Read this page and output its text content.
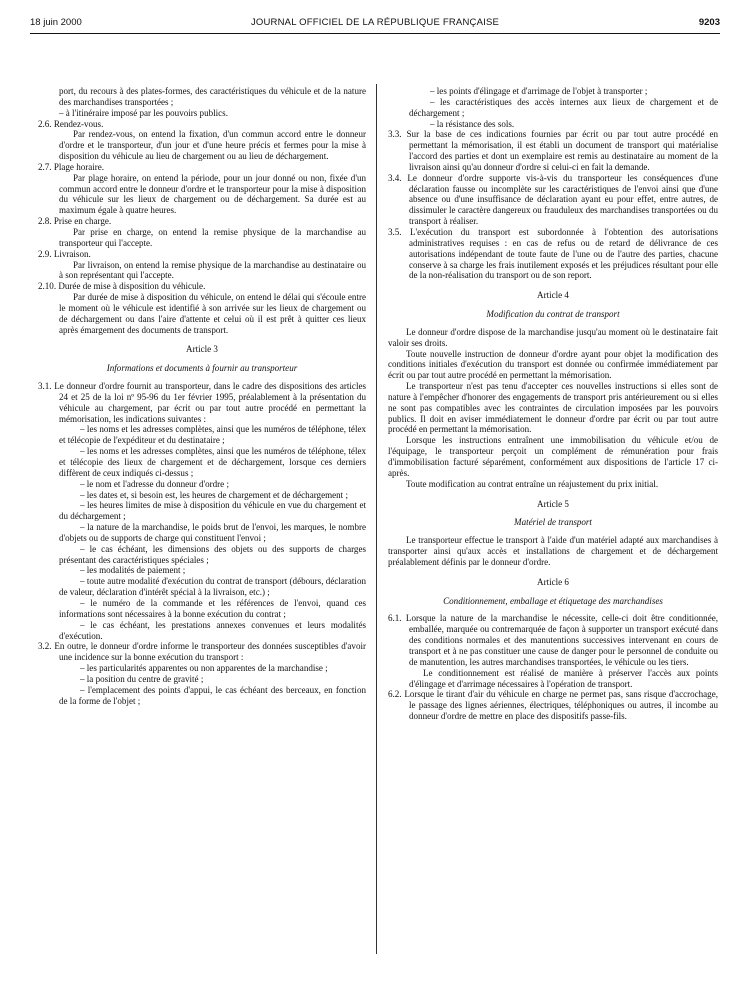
18 juin 2000	JOURNAL OFFICIEL DE LA RÉPUBLIQUE FRANÇAISE	9203

port, du recours à des plates-formes, des caractéristiques du véhicule et de la nature des marchandises transportées ;

– à l'itinéraire imposé par les pouvoirs publics.

2.6. Rendez-vous.

Par rendez-vous, on entend la fixation, d'un commun accord entre le donneur d'ordre et le transporteur, d'un jour et d'une heure précis et fermes pour la mise à disposition du véhicule au lieu de chargement ou au lieu de déchargement.

2.7. Plage horaire.

Par plage horaire, on entend la période, pour un jour donné ou non, fixée d'un commun accord entre le donneur d'ordre et le transporteur pour la mise à disposition du véhicule sur les lieux de chargement ou de déchargement. Sa durée est au maximum égale à quatre heures.

2.8. Prise en charge.

Par prise en charge, on entend la remise physique de la marchandise au transporteur qui l'accepte.

2.9. Livraison.

Par livraison, on entend la remise physique de la marchandise au destinataire ou à son représentant qui l'accepte.

2.10. Durée de mise à disposition du véhicule.

Par durée de mise à disposition du véhicule, on entend le délai qui s'écoule entre le moment où le véhicule est identifié à son arrivée sur les lieux de chargement ou de déchargement ou dans l'aire d'attente et celui où il est prêt à quitter ces lieux après émargement des documents de transport.

Article 3

Informations et documents à fournir au transporteur

3.1. Le donneur d'ordre fournit au transporteur, dans le cadre des dispositions des articles 24 et 25 de la loi nº 95-96 du 1er février 1995, préalablement à la présentation du véhicule au chargement, par écrit ou par tout autre procédé en permettant la mémorisation, les indications suivantes :

– les noms et les adresses complètes, ainsi que les numéros de téléphone, télex et télécopie de l'expéditeur et du destinataire ;

– les noms et les adresses complètes, ainsi que les numéros de téléphone, télex et télécopie des lieux de chargement et de déchargement, lorsque ces derniers diffèrent de ceux indiqués ci-dessus ;

– le nom et l'adresse du donneur d'ordre ;

– les dates et, si besoin est, les heures de chargement et de déchargement ;

– les heures limites de mise à disposition du véhicule en vue du chargement et du déchargement ;

– la nature de la marchandise, le poids brut de l'envoi, les marques, le nombre d'objets ou de supports de charge qui constituent l'envoi ;

– le cas échéant, les dimensions des objets ou des supports de charges présentant des caractéristiques spéciales ;

– les modalités de paiement ;

– toute autre modalité d'exécution du contrat de transport (débours, déclaration de valeur, déclaration d'intérêt spécial à la livraison, etc.) ;

– le numéro de la commande et les références de l'envoi, quand ces informations sont nécessaires à la bonne exécution du contrat ;

– le cas échéant, les prestations annexes convenues et leurs modalités d'exécution.

3.2. En outre, le donneur d'ordre informe le transporteur des données susceptibles d'avoir une incidence sur la bonne exécution du transport :

– les particularités apparentes ou non apparentes de la marchandise ;

– la position du centre de gravité ;

– l'emplacement des points d'appui, le cas échéant des berceaux, en fonction de la forme de l'objet ;

– les points d'élingage et d'arrimage de l'objet à transporter ;

– les caractéristiques des accès internes aux lieux de chargement et de déchargement ;

– la résistance des sols.

3.3. Sur la base de ces indications fournies par écrit ou par tout autre procédé en permettant la mémorisation, il est établi un document de transport qui matérialise l'accord des parties et dont un exemplaire est remis au destinataire au moment de la livraison ainsi qu'au donneur d'ordre si celui-ci en fait la demande.

3.4. Le donneur d'ordre supporte vis-à-vis du transporteur les conséquences d'une déclaration fausse ou incomplète sur les caractéristiques de l'envoi ainsi que d'une absence ou d'une insuffisance de déclaration ayant eu pour effet, entre autres, de dissimuler le caractère dangereux ou frauduleux des marchandises transportées ou du transport à réaliser.

3.5. L'exécution du transport est subordonnée à l'obtention des autorisations administratives requises : en cas de refus ou de retard de délivrance de ces autorisations indépendant de toute faute de l'une ou de l'autre des parties, chacune conserve à sa charge les frais inutilement exposés et les préjudices résultant pour elle de la non-réalisation du transport ou de son report.

Article 4

Modification du contrat de transport

Le donneur d'ordre dispose de la marchandise jusqu'au moment où le destinataire fait valoir ses droits.

Toute nouvelle instruction de donneur d'ordre ayant pour objet la modification des conditions initiales d'exécution du transport est donnée ou confirmée immédiatement par écrit ou par tout autre procédé en permettant la mémorisation.

Le transporteur n'est pas tenu d'accepter ces nouvelles instructions si elles sont de nature à l'empêcher d'honorer des engagements de transport pris antérieurement ou si elles ne sont pas compatibles avec les contraintes de circulation imposées par les pouvoirs publics. Il doit en aviser immédiatement le donneur d'ordre par écrit ou par tout autre procédé en permettant la mémorisation.

Lorsque les instructions entraînent une immobilisation du véhicule et/ou de l'équipage, le transporteur perçoit un complément de rémunération pour frais d'immobilisation facturé séparément, conformément aux dispositions de l'article 17 ci-après.

Toute modification au contrat entraîne un réajustement du prix initial.

Article 5

Matériel de transport

Le transporteur effectue le transport à l'aide d'un matériel adapté aux marchandises à transporter ainsi qu'aux accès et installations de chargement et de déchargement préalablement définis par le donneur d'ordre.

Article 6

Conditionnement, emballage et étiquetage des marchandises

6.1. Lorsque la nature de la marchandise le nécessite, celle-ci doit être conditionnée, emballée, marquée ou contremarquée de façon à supporter un transport exécuté dans des conditions normales et des manutentions successives intervenant en cours de transport et à ne pas constituer une cause de danger pour le personnel de conduite ou de manutention, les autres marchandises transportées, le véhicule ou les tiers.

Le conditionnement est réalisé de manière à préserver l'accès aux points d'élingage et d'arrimage nécessaires à l'opération de transport.

6.2. Lorsque le tirant d'air du véhicule en charge ne permet pas, sans risque d'accrochage, le passage des lignes aériennes, électriques, téléphoniques ou autres, il incombe au donneur d'ordre de mettre en place des dispositifs passe-fils.
